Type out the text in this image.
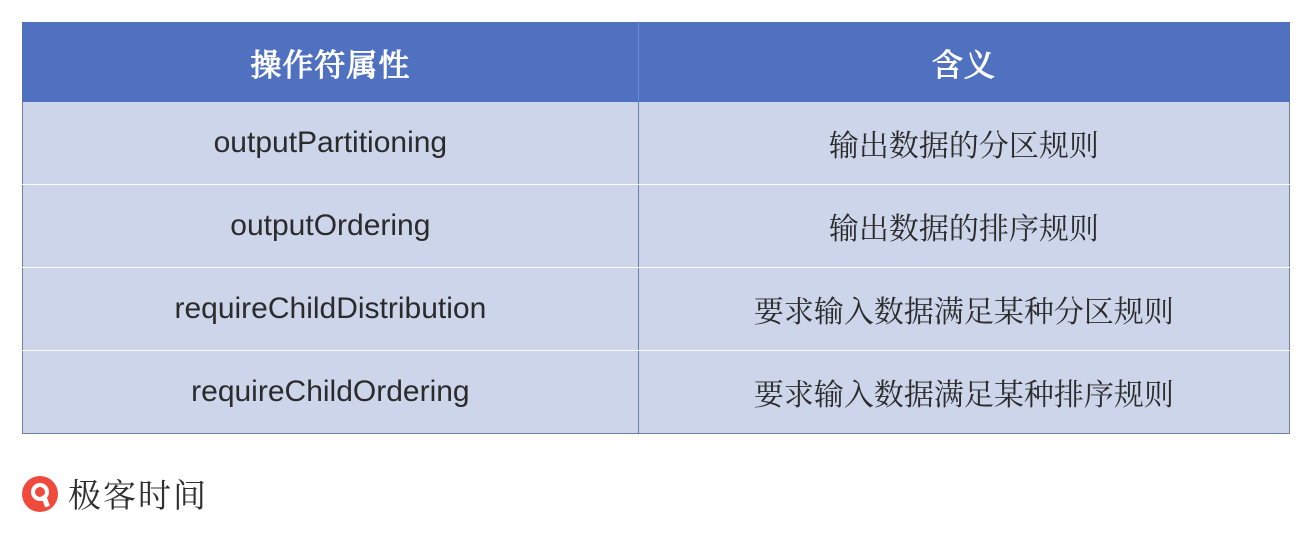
操作符属性	含义
outputPartitioning	输出数据的分区规则
outputOrdering	输出数据的排序规则
requireChildDistribution	要求输入数据满足某种分区规则
requireChildOrdering	要求输入数据满足某种排序规则
极客时间
